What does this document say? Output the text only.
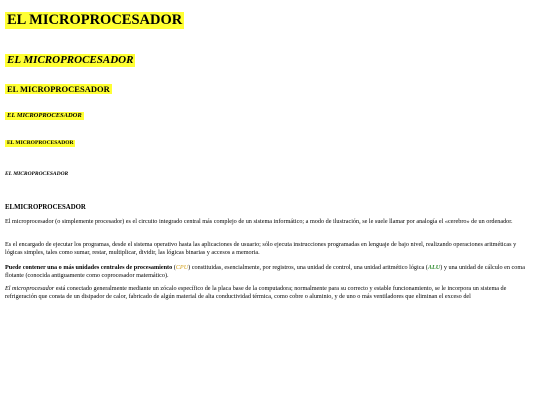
EL MICROPROCESADOR
EL MICROPROCESADOR
EL MICROPROCESADOR
EL MICROPROCESADOR
EL MICROPROCESADOR
EL MICROPROCESADOR
ELMICROPROCESADOR

El microprocesador (o simplemente procesador) es el circuito integrado central más complejo de un sistema informático; a modo de ilustración, se le suele llamar por analogía el «cerebro» de un ordenador.

Es el encargado de ejecutar los programas, desde el sistema operativo hasta las aplicaciones de usuario; sólo ejecuta instrucciones programadas en lenguaje de bajo nivel, realizando operaciones aritméticas y lógicas simples, tales como sumar, restar, multiplicar, dividir, las lógicas binarias y accesos a memoria.

Puede contener una o más unidades centrales de procesamiento (CPU) constituidas, esencialmente, por registros, una unidad de control, una unidad aritmético lógica (ALU) y una unidad de cálculo en coma flotante (conocida antiguamente como coprocesador matemático).

El microprocesador está conectado generalmente mediante un zócalo específico de la placa base de la computadora; normalmente para su correcto y estable funcionamiento, se le incorpora un sistema de refrigeración que consta de un disipador de calor, fabricado de algún material de alta conductividad térmica, como cobre o aluminio, y de uno o más ventiladores que eliminan el exceso del
